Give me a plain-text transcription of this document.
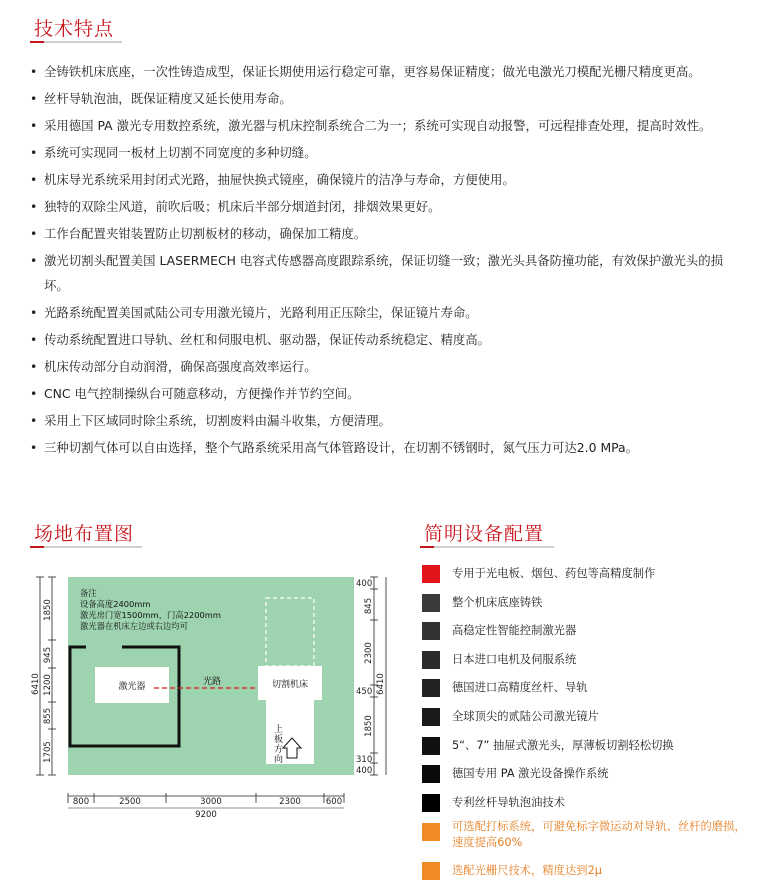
技术特点
• 全铸铁机床底座，一次性铸造成型，保证长期使用运行稳定可靠，更容易保证精度；做光电激光刀模配光栅尺精度更高。
• 丝杆导轨泡油，既保证精度又延长使用寿命。
• 采用德国 PA 激光专用数控系统，激光器与机床控制系统合二为一；系统可实现自动报警，可远程排查处理，提高时效性。
• 系统可实现同一板材上切割不同宽度的多种切缝。
• 机床导光系统采用封闭式光路，抽屉快换式镜座，确保镜片的洁净与寿命，方便使用。
• 独特的双除尘风道，前吹后吸；机床后半部分烟道封闭，排烟效果更好。
• 工作台配置夹钳装置防止切割板材的移动，确保加工精度。
• 激光切割头配置美国 LASERMECH 电容式传感器高度跟踪系统，保证切缝一致；激光头具备防撞功能，有效保护激光头的损坏。
• 光路系统配置美国贰陆公司专用激光镜片，光路利用正压除尘，保证镜片寿命。
• 传动系统配置进口导轨、丝杠和伺服电机、驱动器，保证传动系统稳定、精度高。
• 机床传动部分自动润滑，确保高强度高效率运行。
• CNC 电气控制操纵台可随意移动，方便操作并节约空间。
• 采用上下区域同时除尘系统，切割废料由漏斗收集，方便清理。
• 三种切割气体可以自由选择，整个气路系统采用高气体管路设计，在切割不锈钢时，氮气压力可达2.0 MPa。
场地布置图
备注
设备高度2400mm
激光房门宽1500mm，门高2200mm
激光器在机床左边或右边均可
激光器	光路	切割机床
上
板
方
向
6410
1850
945
1200
855
1705
400
845
2300
450
1850
310
400
6410
800	2500	3000	2300	600
9200
简明设备配置
专用于光电板、烟包、药包等高精度制作
整个机床底座铸铁
高稳定性智能控制激光器
日本进口电机及伺服系统
德国进口高精度丝杆、导轨
全球顶尖的贰陆公司激光镜片
5“、7” 抽屉式激光头，厚薄板切割轻松切换
德国专用 PA 激光设备操作系统
专利丝杆导轨泡油技术
可选配打标系统，可避免标字微运动对导轨、丝杆的磨损，速度提高60%
选配光栅尺技术，精度达到2μ
